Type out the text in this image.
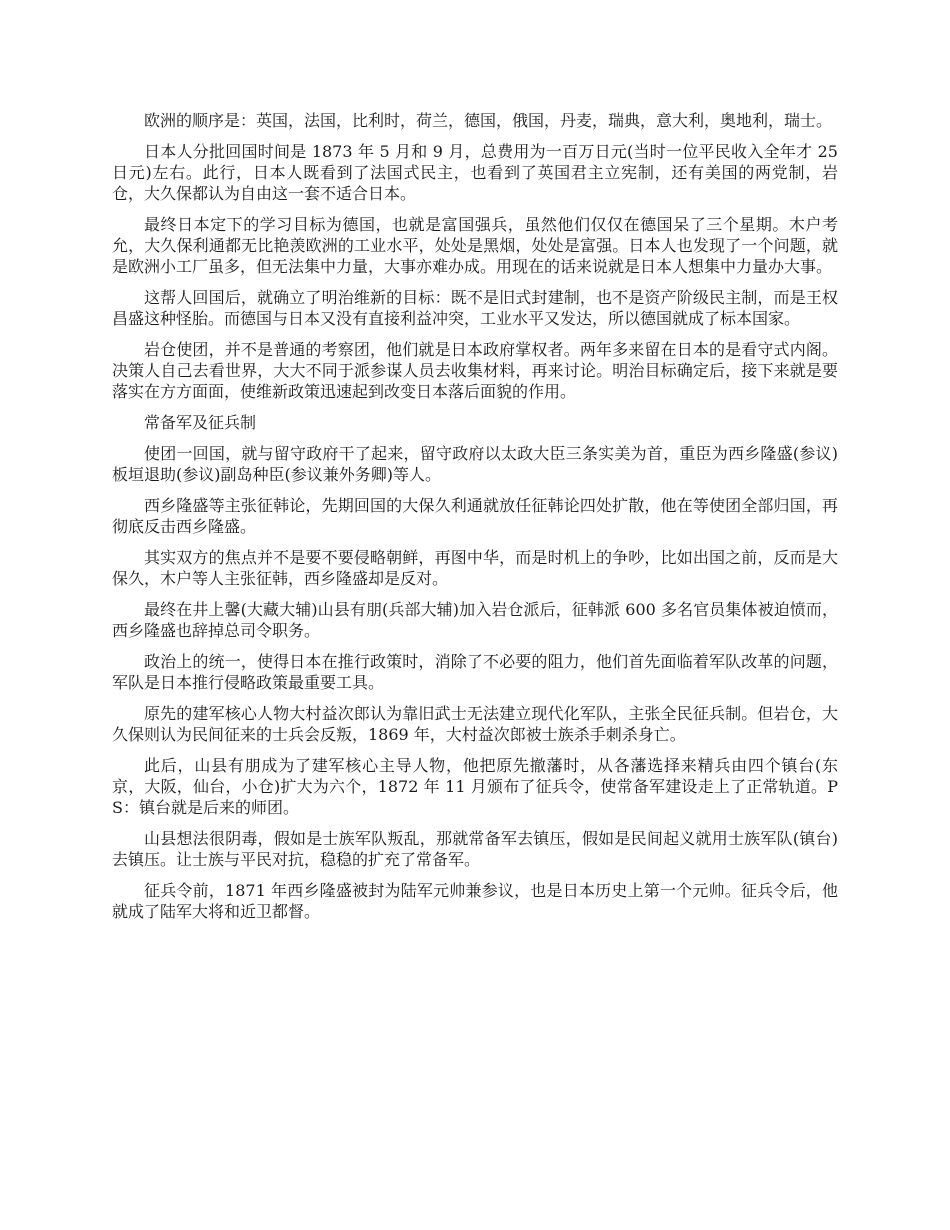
欧洲的顺序是：英国，法国，比利时，荷兰，德国，俄国，丹麦，瑞典，意大利，奥地利，瑞士。

日本人分批回国时间是 1873 年 5 月和 9 月，总费用为一百万日元(当时一位平民收入全年才 25 日元)左右。此行，日本人既看到了法国式民主，也看到了英国君主立宪制，还有美国的两党制，岩仓，大久保都认为自由这一套不适合日本。

最终日本定下的学习目标为德国，也就是富国强兵，虽然他们仅仅在德国呆了三个星期。木户考允，大久保利通都无比艳羡欧洲的工业水平，处处是黑烟，处处是富强。日本人也发现了一个问题，就是欧洲小工厂虽多，但无法集中力量，大事亦难办成。用现在的话来说就是日本人想集中力量办大事。

这帮人回国后，就确立了明治维新的目标：既不是旧式封建制，也不是资产阶级民主制，而是王权昌盛这种怪胎。而德国与日本又没有直接利益冲突，工业水平又发达，所以德国就成了标本国家。

岩仓使团，并不是普通的考察团，他们就是日本政府掌权者。两年多来留在日本的是看守式内阁。决策人自己去看世界，大大不同于派参谋人员去收集材料，再来讨论。明治目标确定后，接下来就是要落实在方方面面，使维新政策迅速起到改变日本落后面貌的作用。

常备军及征兵制

使团一回国，就与留守政府干了起来，留守政府以太政大臣三条实美为首，重臣为西乡隆盛(参议)板垣退助(参议)副岛种臣(参议兼外务卿)等人。

西乡隆盛等主张征韩论，先期回国的大保久利通就放任征韩论四处扩散，他在等使团全部归国，再彻底反击西乡隆盛。

其实双方的焦点并不是要不要侵略朝鲜，再图中华，而是时机上的争吵，比如出国之前，反而是大保久，木户等人主张征韩，西乡隆盛却是反对。

最终在井上馨(大藏大辅)山县有朋(兵部大辅)加入岩仓派后，征韩派 600 多名官员集体被迫愤而，西乡隆盛也辞掉总司令职务。

政治上的统一，使得日本在推行政策时，消除了不必要的阻力，他们首先面临着军队改革的问题，军队是日本推行侵略政策最重要工具。

原先的建军核心人物大村益次郎认为靠旧武士无法建立现代化军队，主张全民征兵制。但岩仓，大久保则认为民间征来的士兵会反叛，1869 年，大村益次郎被士族杀手刺杀身亡。

此后，山县有朋成为了建军核心主导人物，他把原先撤藩时，从各藩选择来精兵由四个镇台(东京，大阪，仙台，小仓)扩大为六个，1872 年 11 月颁布了征兵令，使常备军建设走上了正常轨道。PS：镇台就是后来的师团。

山县想法很阴毒，假如是士族军队叛乱，那就常备军去镇压，假如是民间起义就用士族军队(镇台)去镇压。让士族与平民对抗，稳稳的扩充了常备军。

征兵令前，1871 年西乡隆盛被封为陆军元帅兼参议，也是日本历史上第一个元帅。征兵令后，他就成了陆军大将和近卫都督。
